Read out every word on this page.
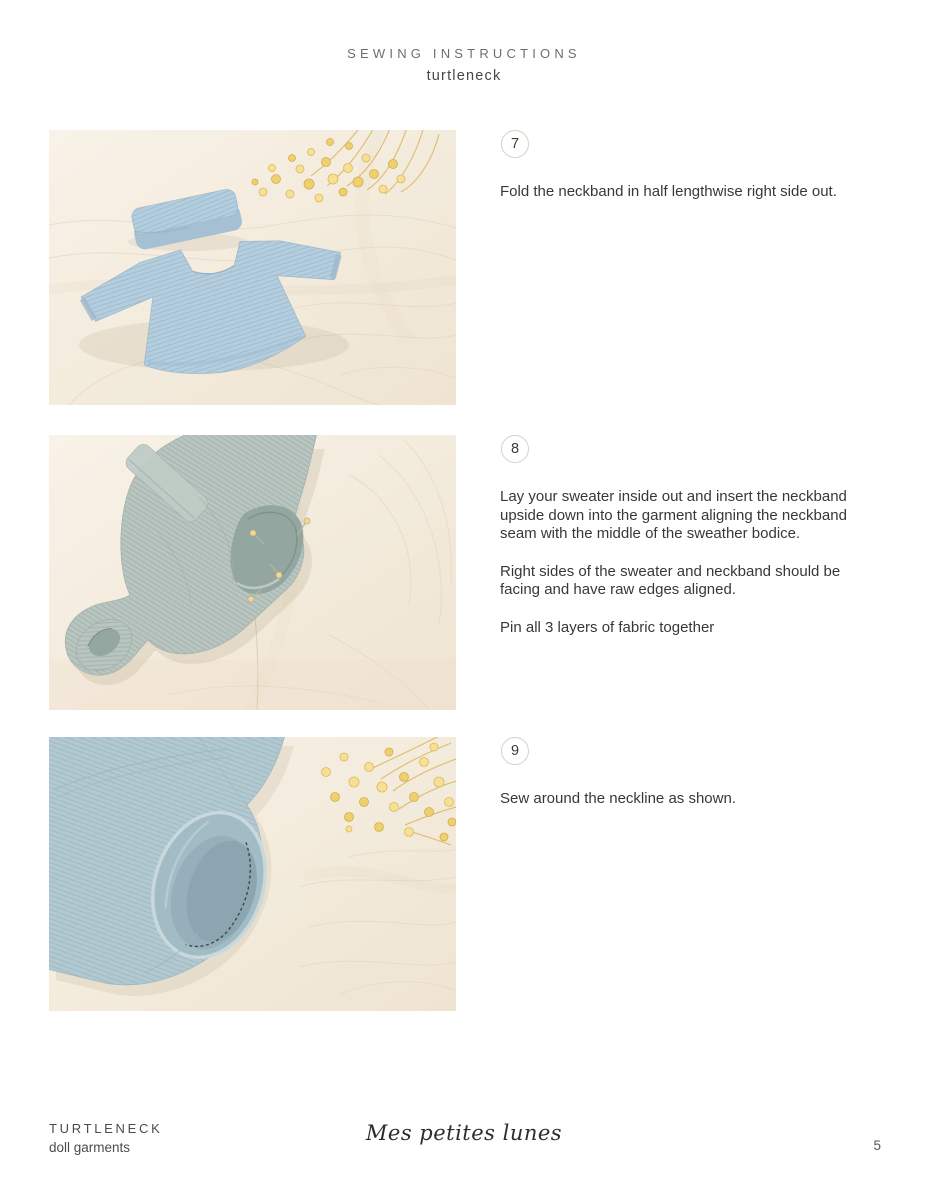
SEWING INSTRUCTIONS
turtleneck
7

Fold the neckband in half lengthwise right side out.

8

Lay your sweater inside out and insert the neckband upside down into the garment aligning the neckband seam with the middle of the sweather bodice.

Right sides of the sweater and neckband should be facing and have raw edges aligned.

Pin all 3 layers of fabric together

9

Sew around the neckline as shown.

TURTLENECK
doll garments
Mes petites lunes
5
